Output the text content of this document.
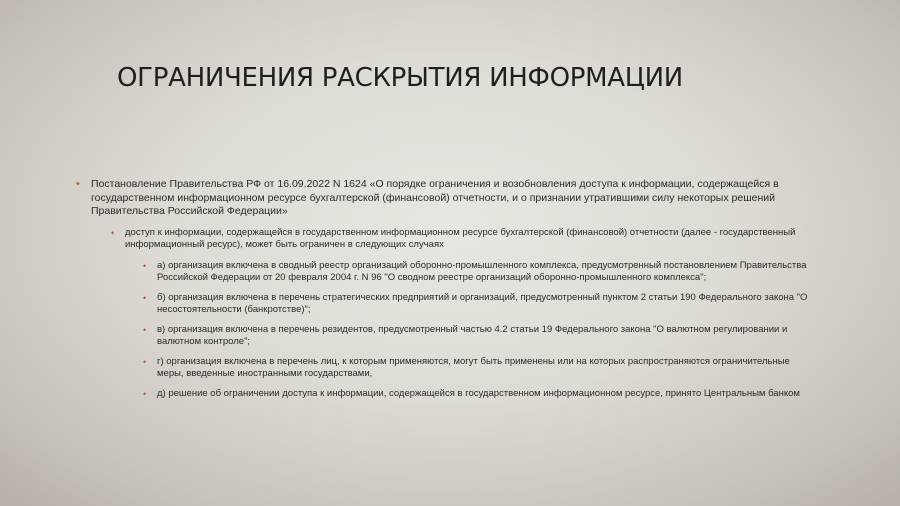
ОГРАНИЧЕНИЯ РАСКРЫТИЯ ИНФОРМАЦИИ
• Постановление Правительства РФ от 16.09.2022 N 1624 «О порядке ограничения и возобновления доступа к информации, содержащейся в государственном информационном ресурсе бухгалтерской (финансовой) отчетности, и о признании утратившими силу некоторых решений Правительства Российской Федерации»
• доступ к информации, содержащейся в государственном информационном ресурсе бухгалтерской (финансовой) отчетности (далее - государственный информационный ресурс), может быть ограничен в следующих случаях
• а) организация включена в сводный реестр организаций оборонно-промышленного комплекса, предусмотренный постановлением Правительства Российской Федерации от 20 февраля 2004 г. N 96 "О сводном реестре организаций оборонно-промышленного комплекса";
• б) организация включена в перечень стратегических предприятий и организаций, предусмотренный пунктом 2 статьи 190 Федерального закона "О несостоятельности (банкротстве)";
• в) организация включена в перечень резидентов, предусмотренный частью 4.2 статьи 19 Федерального закона "О валютном регулировании и валютном контроле";
• г) организация включена в перечень лиц, к которым применяются, могут быть применены или на которых распространяются ограничительные меры, введенные иностранными государствами,
• д) решение об ограничении доступа к информации, содержащейся в государственном информационном ресурсе, принято Центральным банком
